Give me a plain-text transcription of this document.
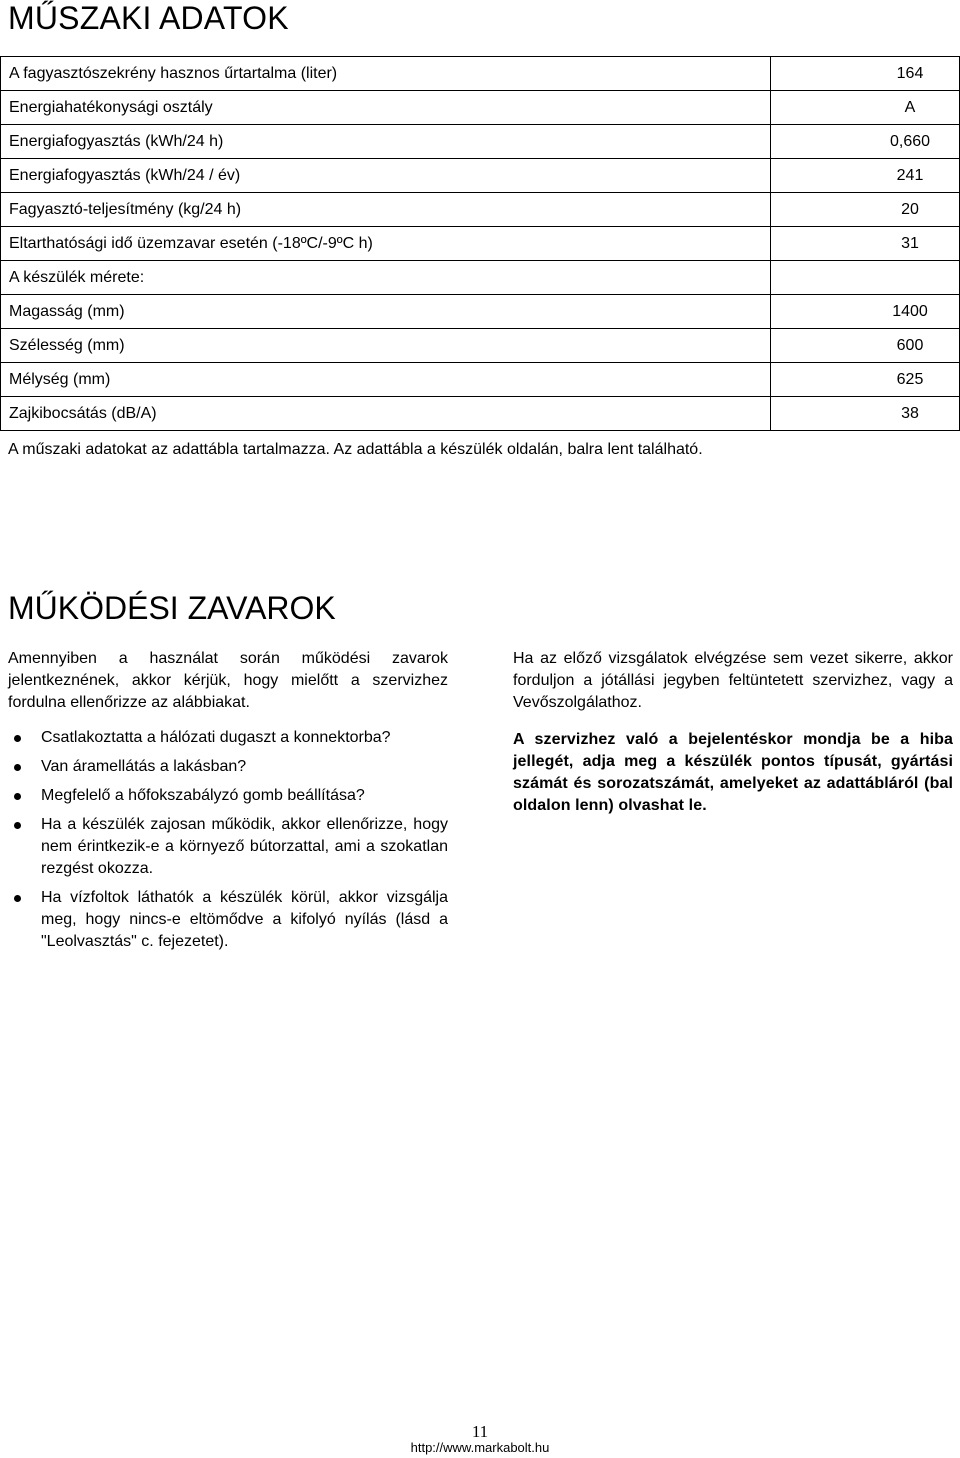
MŰSZAKI ADATOK
A fagyasztószekrény hasznos űrtartalma (liter)	164
Energiahatékonysági osztály	A
Energiafogyasztás (kWh/24 h)	0,660
Energiafogyasztás (kWh/24 / év)	241
Fagyasztó-teljesítmény (kg/24 h)	20
Eltarthatósági idő üzemzavar esetén (-18ºC/-9ºC h)	31
A készülék mérete:	
Magasság (mm)	1400
Szélesség (mm)	600
Mélység (mm)	625
Zajkibocsátás (dB/A)	38
A műszaki adatokat az adattábla tartalmazza. Az adattábla a készülék oldalán, balra lent található.
MŰKÖDÉSI ZAVAROK

Amennyiben a használat során működési zavarok jelentkeznének, akkor kérjük, hogy mielőtt a szervizhez fordulna ellenőrizze az alábbiakat.

Csatlakoztatta a hálózati dugaszt a konnektorba?
Van áramellátás a lakásban?
Megfelelő a hőfokszabályzó gomb beállítása?
Ha a készülék zajosan működik, akkor ellenőrizze, hogy nem érintkezik-e a környező bútorzattal, ami a szokatlan rezgést okozza.
Ha vízfoltok láthatók a készülék körül, akkor vizsgálja meg, hogy nincs-e eltömődve a kifolyó nyílás (lásd a "Leolvasztás" c. fejezetet).

Ha az előző vizsgálatok elvégzése sem vezet sikerre, akkor forduljon a jótállási jegyben feltüntetett szervizhez, vagy a Vevőszolgálathoz.

A szervizhez való a bejelentéskor mondja be a hiba jellegét, adja meg a készülék pontos típusát, gyártási számát és sorozatszámát, amelyeket az adattábláról (bal oldalon lenn) olvashat le.

11
http://www.markabolt.hu
